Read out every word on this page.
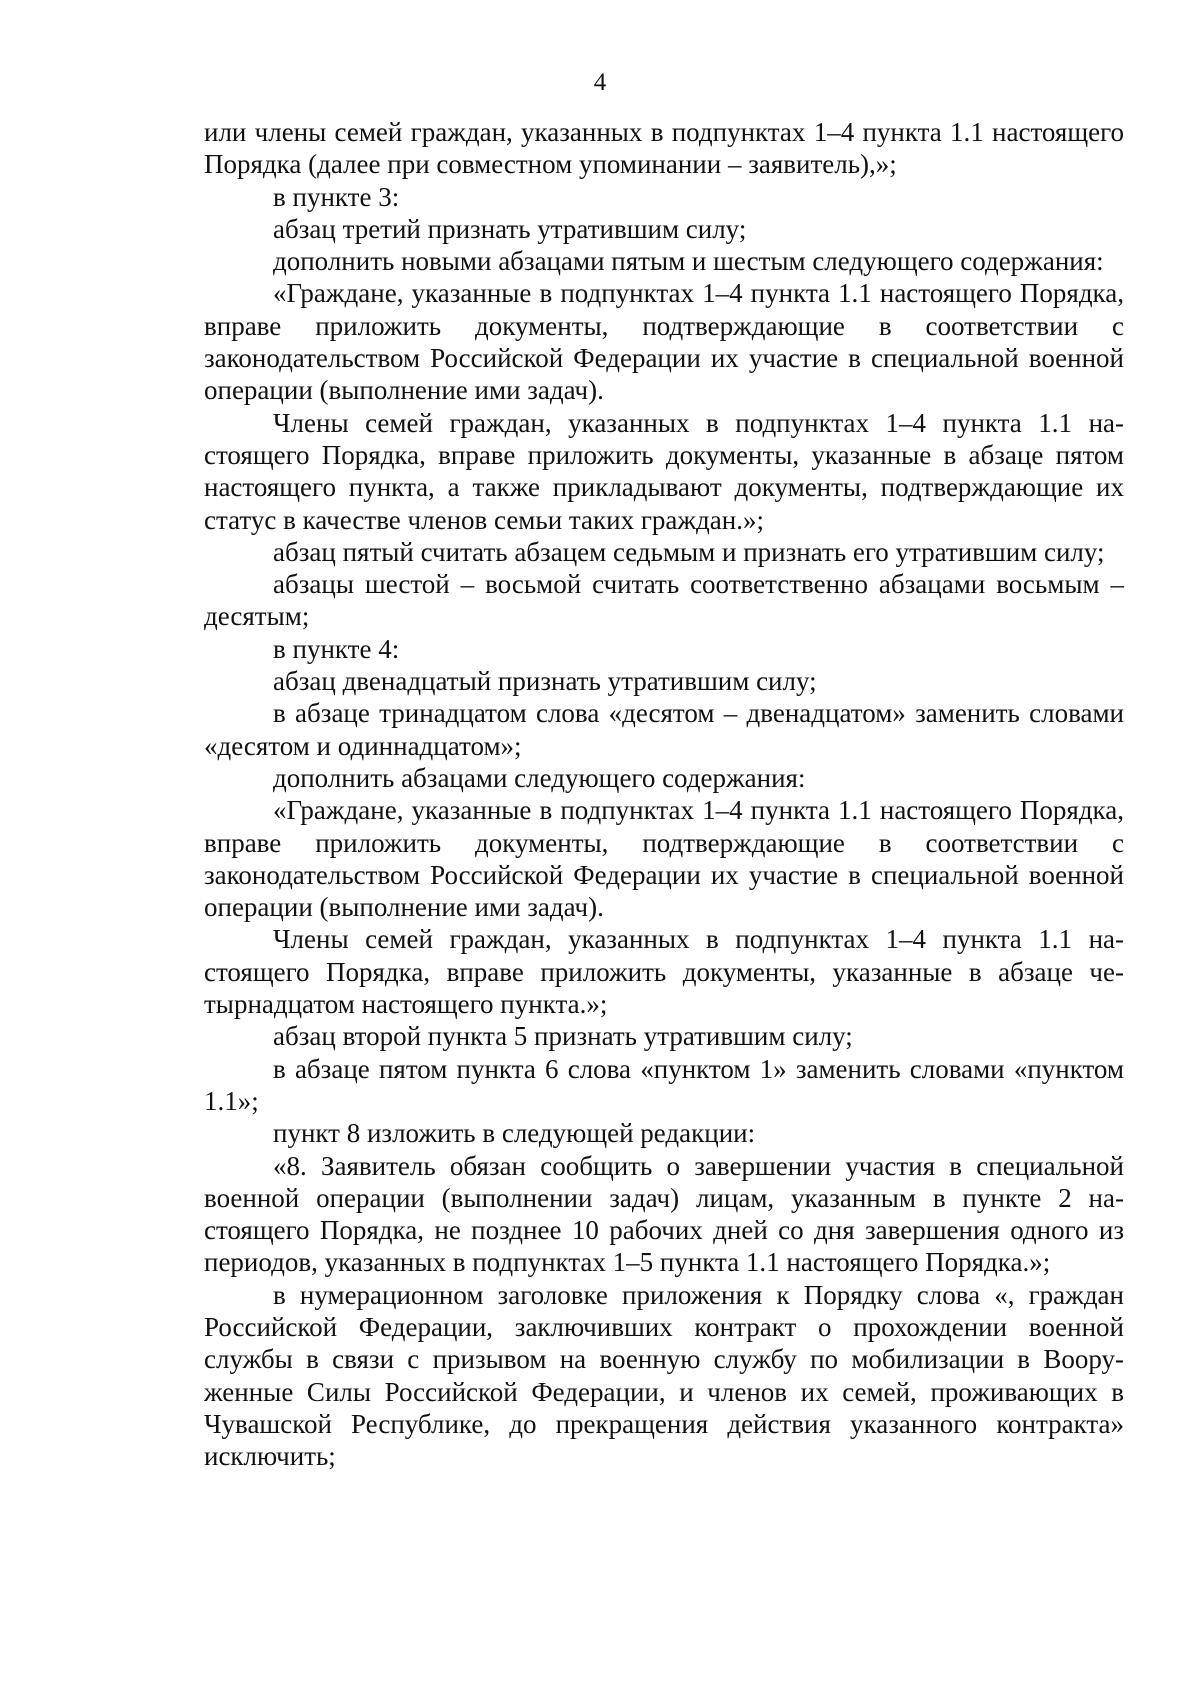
4

или члены семей граждан, указанных в подпунктах 1–4 пункта 1.1 настоящего Порядка (далее при совместном упоминании – заявитель),»;

в пункте 3:

абзац третий признать утратившим силу;

дополнить новыми абзацами пятым и шестым следующего содержания:

«Граждане, указанные в подпунктах 1–4 пункта 1.1 настоящего Порядка, вправе приложить документы, подтверждающие в соответствии с законодательством Российской Федерации их участие в специальной военной операции (выполнение ими задач).

Члены семей граждан, указанных в подпунктах 1–4 пункта 1.1 настоящего Порядка, вправе приложить документы, указанные в абзаце пятом настоящего пункта, а также прикладывают документы, подтверждающие их статус в качестве членов семьи таких граждан.»;

абзац пятый считать абзацем седьмым и признать его утратившим силу;

абзацы шестой – восьмой считать соответственно абзацами восьмым – десятым;

в пункте 4:

абзац двенадцатый признать утратившим силу;

в абзаце тринадцатом слова «десятом – двенадцатом» заменить словами «десятом и одиннадцатом»;

дополнить абзацами следующего содержания:

«Граждане, указанные в подпунктах 1–4 пункта 1.1 настоящего Порядка, вправе приложить документы, подтверждающие в соответствии с законодательством Российской Федерации их участие в специальной военной операции (выполнение ими задач).

Члены семей граждан, указанных в подпунктах 1–4 пункта 1.1 настоящего Порядка, вправе приложить документы, указанные в абзаце четырнадцатом настоящего пункта.»;

абзац второй пункта 5 признать утратившим силу;

в абзаце пятом пункта 6 слова «пунктом 1» заменить словами «пунктом 1.1»;

пункт 8 изложить в следующей редакции:

«8. Заявитель обязан сообщить о завершении участия в специальной военной операции (выполнении задач) лицам, указанным в пункте 2 настоящего Порядка, не позднее 10 рабочих дней со дня завершения одного из периодов, указанных в подпунктах 1–5 пункта 1.1 настоящего Порядка.»;

в нумерационном заголовке приложения к Порядку слова «, граждан Российской Федерации, заключивших контракт о прохождении военной службы в связи с призывом на военную службу по мобилизации в Вооруженные Силы Российской Федерации, и членов их семей, проживающих в Чувашской Республике, до прекращения действия указанного контракта» исключить;
